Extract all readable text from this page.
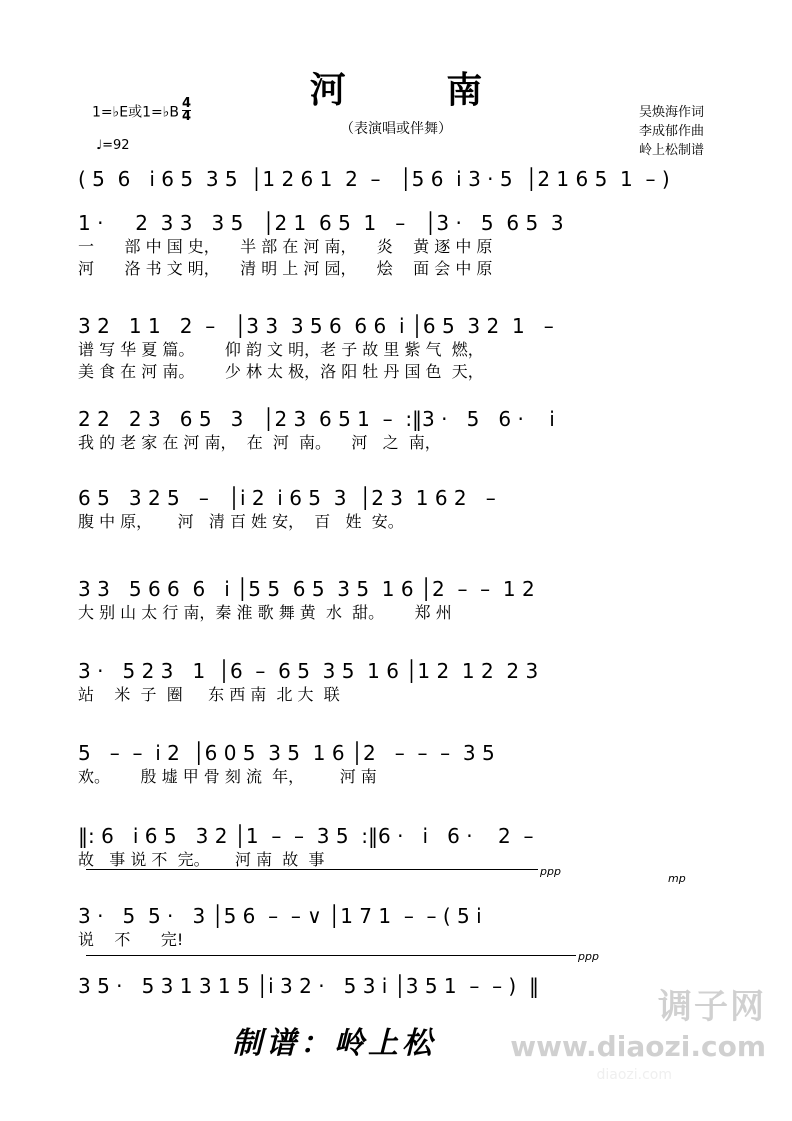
河 南
（表演唱或伴舞）
1=♭E或1=♭B $\frac{4}{4}$
♩=92
吴焕海作词
李成郁作曲
岭上松制谱
( 5  6   i 6 5  3 5  │1 2 6 1  2  –   │5 6  i 3 · 5  │2 1 6 5  1  – )
1 ·     2  3 3   3 5   │2 1  6 5  1   –   │3 ·   5  6 5  3
一      部 中 国 史，    半 部 在 河 南，    炎    黄 逐 中 原
河      洛 书 文 明，    清 明 上 河 园，    烩    面 会 中 原
3 2   1 1   2  –   │3 3  3 5 6  6 6  i │6 5  3 2  1   –
谱 写 华 夏 篇。      仰 韵 文 明，老 子 故 里 紫 气  燃，
美 食 在 河 南。      少 林 太 极，洛 阳 牡 丹 国 色  天，
2 2   2 3   6 5   3   │2 3  6 5 1  –  :‖3 ·   5   6 ·    i
我 的 老 家 在 河 南，  在  河  南。    河   之  南，
6 5   3 2 5   –   │i 2  i 6 5  3  │2 3  1 6 2   –
腹 中 原，     河   清 百 姓 安，  百   姓  安。
3 3   5 6 6  6   i │5 5  6 5  3 5  1 6 │2  –  –  1 2
大 别 山 太 行 南，秦 淮 歌 舞 黄  水  甜。      郑 州
3 ·   5 2 3   1  │6  –  6 5  3 5  1 6 │1 2  1 2  2 3
站    米  子  圈     东 西 南  北 大  联
5   –  –  i 2  │6 0 5  3 5  1 6 │2   –  –  –  3 5
欢。      殷 墟 甲 骨 刻 流  年，       河 南
‖: 6   i 6 5   3 2 │1  –  –  3 5  :‖6 ·   i   6 ·    2  –
故   事 说 不  完。     河 南  故  事
3 ·   5  5 ·   3 │5 6  –  – ∨ │1 7 1  –  – ( 5 i
说    不      完!
3 5 ·   5 3 1 3 1 5 │i 3 2 ·   5 3 i │3 5 1  –  – )  ‖
ppp
mp
ppp
制谱：岭上松
调子网
www.diaozi.com
diaozi.com
